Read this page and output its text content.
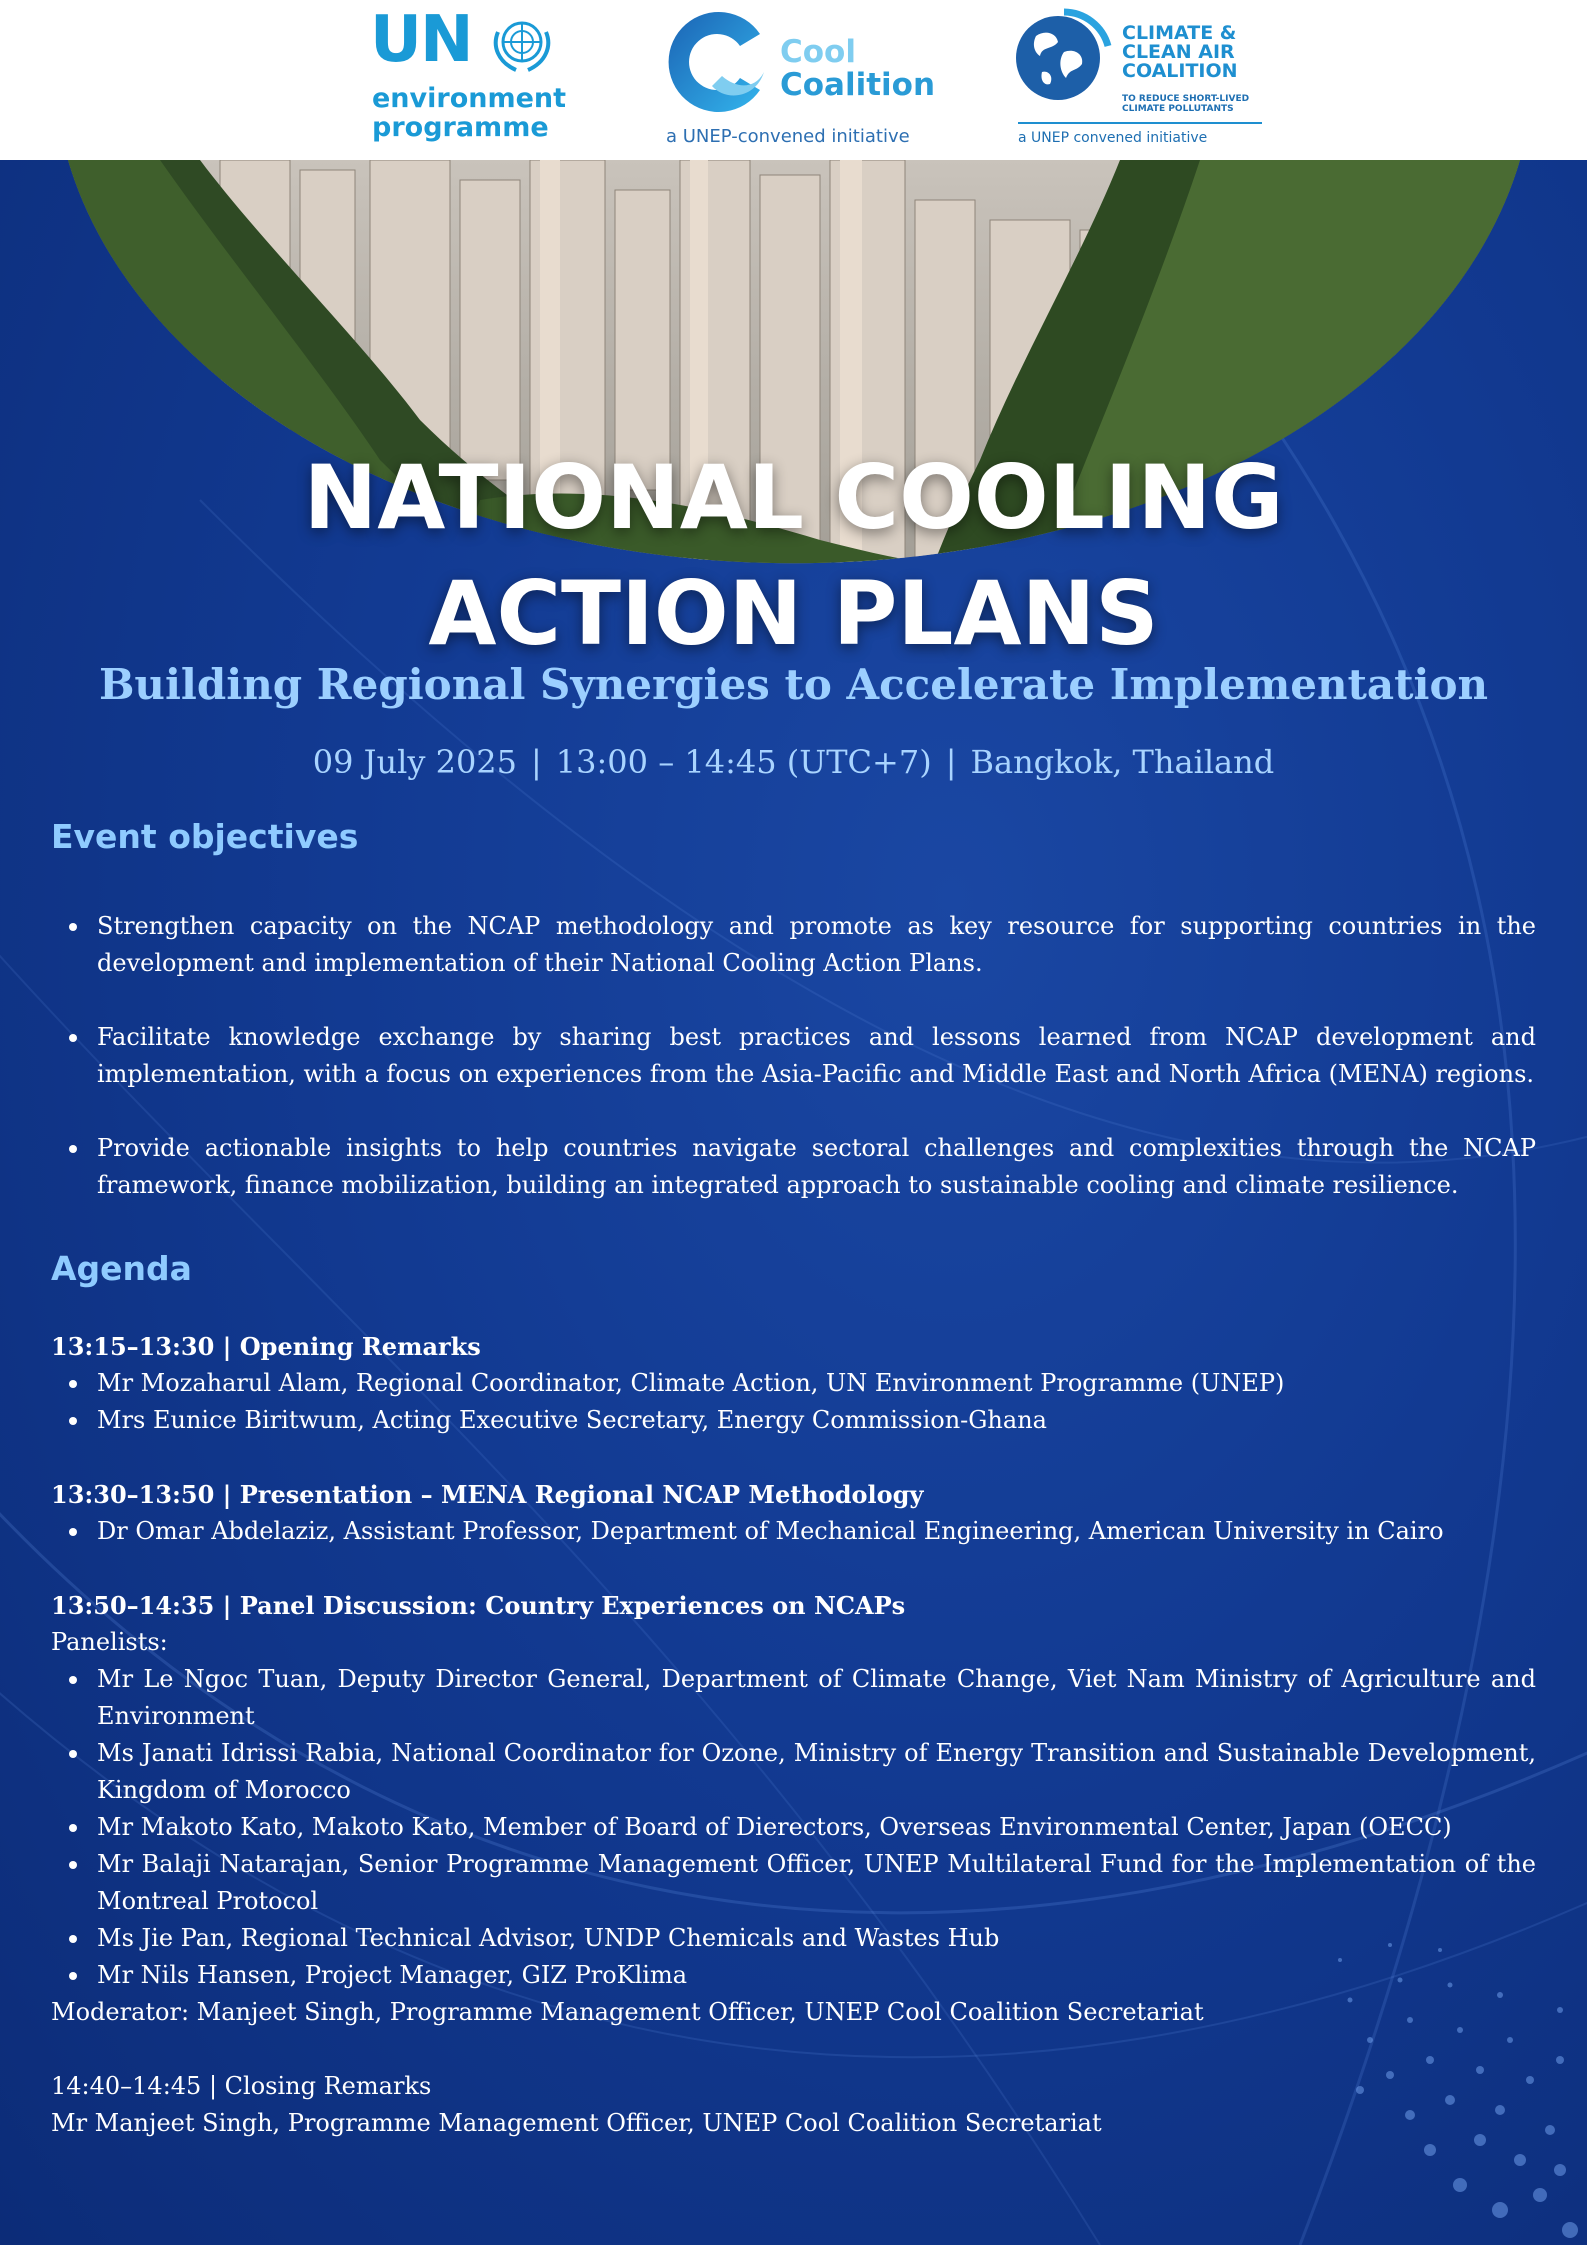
UN
environment
programme
Cool
Coalition
a UNEP-convened initiative
CLIMATE &
CLEAN AIR
COALITION
TO REDUCE SHORT-LIVED
CLIMATE POLLUTANTS
a UNEP convened initiative
NATIONAL COOLING
ACTION PLANS
Building Regional Synergies to Accelerate Implementation
09 July 2025 | 13:00 – 14:45 (UTC+7) | Bangkok, Thailand
Event objectives
Strengthen capacity on the NCAP methodology and promote as key resource for supporting countries in the development and implementation of their National Cooling Action Plans.
Facilitate knowledge exchange by sharing best practices and lessons learned from NCAP development and implementation, with a focus on experiences from the Asia-Pacific and Middle East and North Africa (MENA) regions.
Provide actionable insights to help countries navigate sectoral challenges and complexities through the NCAP framework, finance mobilization, building an integrated approach to sustainable cooling and climate resilience.
Agenda
13:15–13:30 | Opening Remarks
Mr Mozaharul Alam, Regional Coordinator, Climate Action, UN Environment Programme (UNEP)
Mrs Eunice Biritwum, Acting Executive Secretary, Energy Commission-Ghana
13:30–13:50 | Presentation – MENA Regional NCAP Methodology
Dr Omar Abdelaziz, Assistant Professor, Department of Mechanical Engineering, American University in Cairo
13:50–14:35 | Panel Discussion: Country Experiences on NCAPs
Panelists:
Mr Le Ngoc Tuan, Deputy Director General, Department of Climate Change, Viet Nam Ministry of Agriculture and Environment
Ms Janati Idrissi Rabia, National Coordinator for Ozone, Ministry of Energy Transition and Sustainable Development, Kingdom of Morocco
Mr Makoto Kato, Makoto Kato, Member of Board of Dierectors, Overseas Environmental Center, Japan (OECC)
Mr Balaji Natarajan, Senior Programme Management Officer, UNEP Multilateral Fund for the Implementation of the Montreal Protocol
Ms Jie Pan, Regional Technical Advisor, UNDP Chemicals and Wastes Hub
Mr Nils Hansen, Project Manager, GIZ ProKlima
Moderator: Manjeet Singh, Programme Management Officer, UNEP Cool Coalition Secretariat
14:40–14:45 | Closing Remarks
Mr Manjeet Singh, Programme Management Officer, UNEP Cool Coalition Secretariat
